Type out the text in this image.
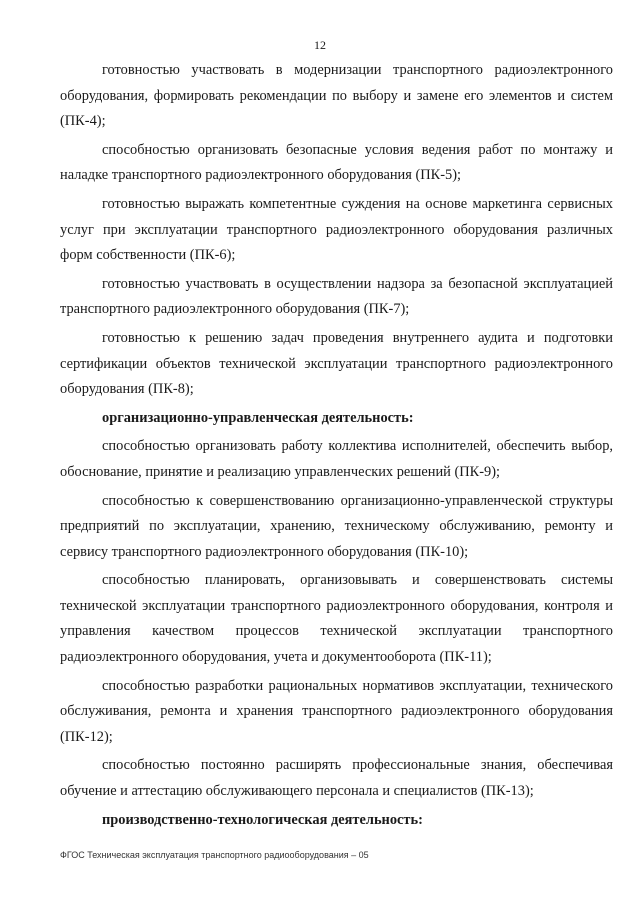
12

готовностью участвовать в модернизации транспортного радиоэлектронного оборудования, формировать рекомендации по выбору и замене его элементов и систем (ПК-4);

способностью организовать безопасные условия ведения работ по монтажу и наладке транспортного радиоэлектронного оборудования (ПК-5);

готовностью выражать компетентные суждения на основе маркетинга сервисных услуг при эксплуатации транспортного радиоэлектронного оборудования различных форм собственности (ПК-6);

готовностью участвовать в осуществлении надзора за безопасной эксплуатацией транспортного радиоэлектронного оборудования (ПК-7);

готовностью к решению задач проведения внутреннего аудита и подготовки сертификации объектов технической эксплуатации транспортного радиоэлектронного оборудования (ПК-8);

организационно-управленческая деятельность:

способностью организовать работу коллектива исполнителей, обеспечить выбор, обоснование, принятие и реализацию управленческих решений (ПК-9);

способностью к совершенствованию организационно-управленческой структуры предприятий по эксплуатации, хранению, техническому обслуживанию, ремонту и сервису транспортного радиоэлектронного оборудования (ПК-10);

способностью планировать, организовывать и совершенствовать системы технической эксплуатации транспортного радиоэлектронного оборудования, контроля и управления качеством процессов технической эксплуатации транспортного радиоэлектронного оборудования, учета и документооборота (ПК-11);

способностью разработки рациональных нормативов эксплуатации, технического обслуживания, ремонта и хранения транспортного радиоэлектронного оборудования (ПК-12);

способностью постоянно расширять профессиональные знания, обеспечивая обучение и аттестацию обслуживающего персонала и специалистов (ПК-13);

производственно-технологическая деятельность:

ФГОС Техническая эксплуатация транспортного радиооборудования – 05
